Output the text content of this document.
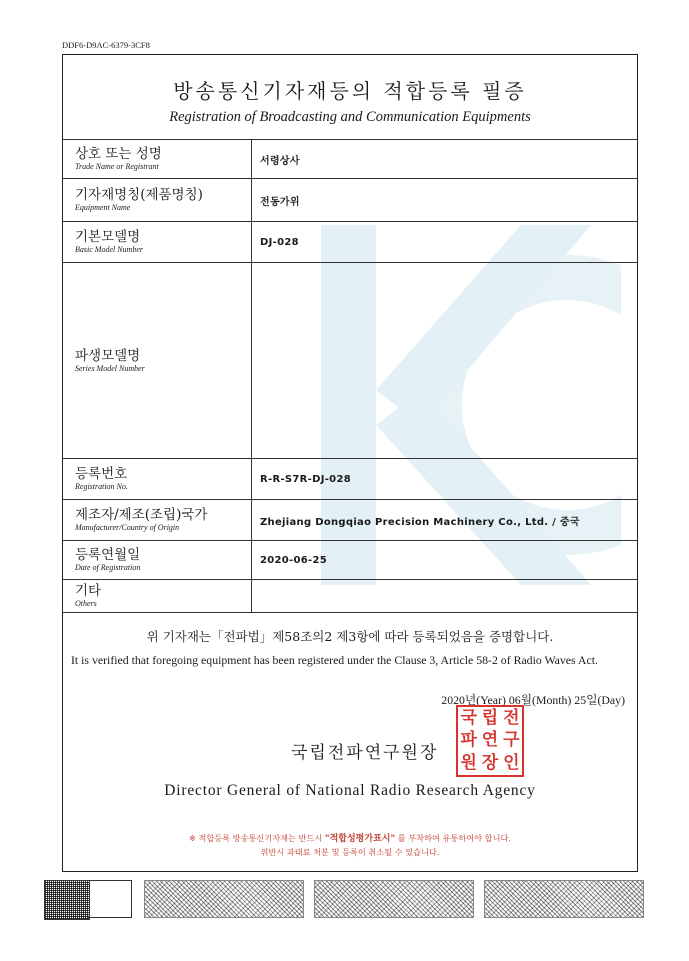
DDF6-D9AC-6379-3CF8
방송통신기자재등의 적합등록 필증
Registration of Broadcasting and Communication Equipments
상호 또는 성명
Trade Name or Registrant	서령상사

기자재명칭(제품명칭)
Equipment Name	전동가위

기본모델명
Basic Model Number	DJ-028

파생모델명
Series Model Number	

등록번호
Registration No.	R-R-S7R-DJ-028

제조자/제조(조립)국가
Manufacturer/Country of Origin	Zhejiang Dongqiao Precision Machinery Co., Ltd. / 중국

등록연월일
Date of Registration	2020-06-25

기타
Others	

위 기자재는「전파법」제58조의2 제3항에 따라 등록되었음을 증명합니다.
It is verified that foregoing equipment has been registered under the Clause 3, Article 58-2 of Radio Waves Act.
2020년(Year) 06월(Month) 25일(Day)
국립전파연구원장
국 립 전
파 연 구
원 장 인
Director General of National Radio Research Agency
※ 적합등록 방송통신기자재는 반드시 "적합성평가표시" 를 부착하여 유통하여야 합니다.
위반시 과태료 처분 및 등록이 취소될 수 있습니다.
